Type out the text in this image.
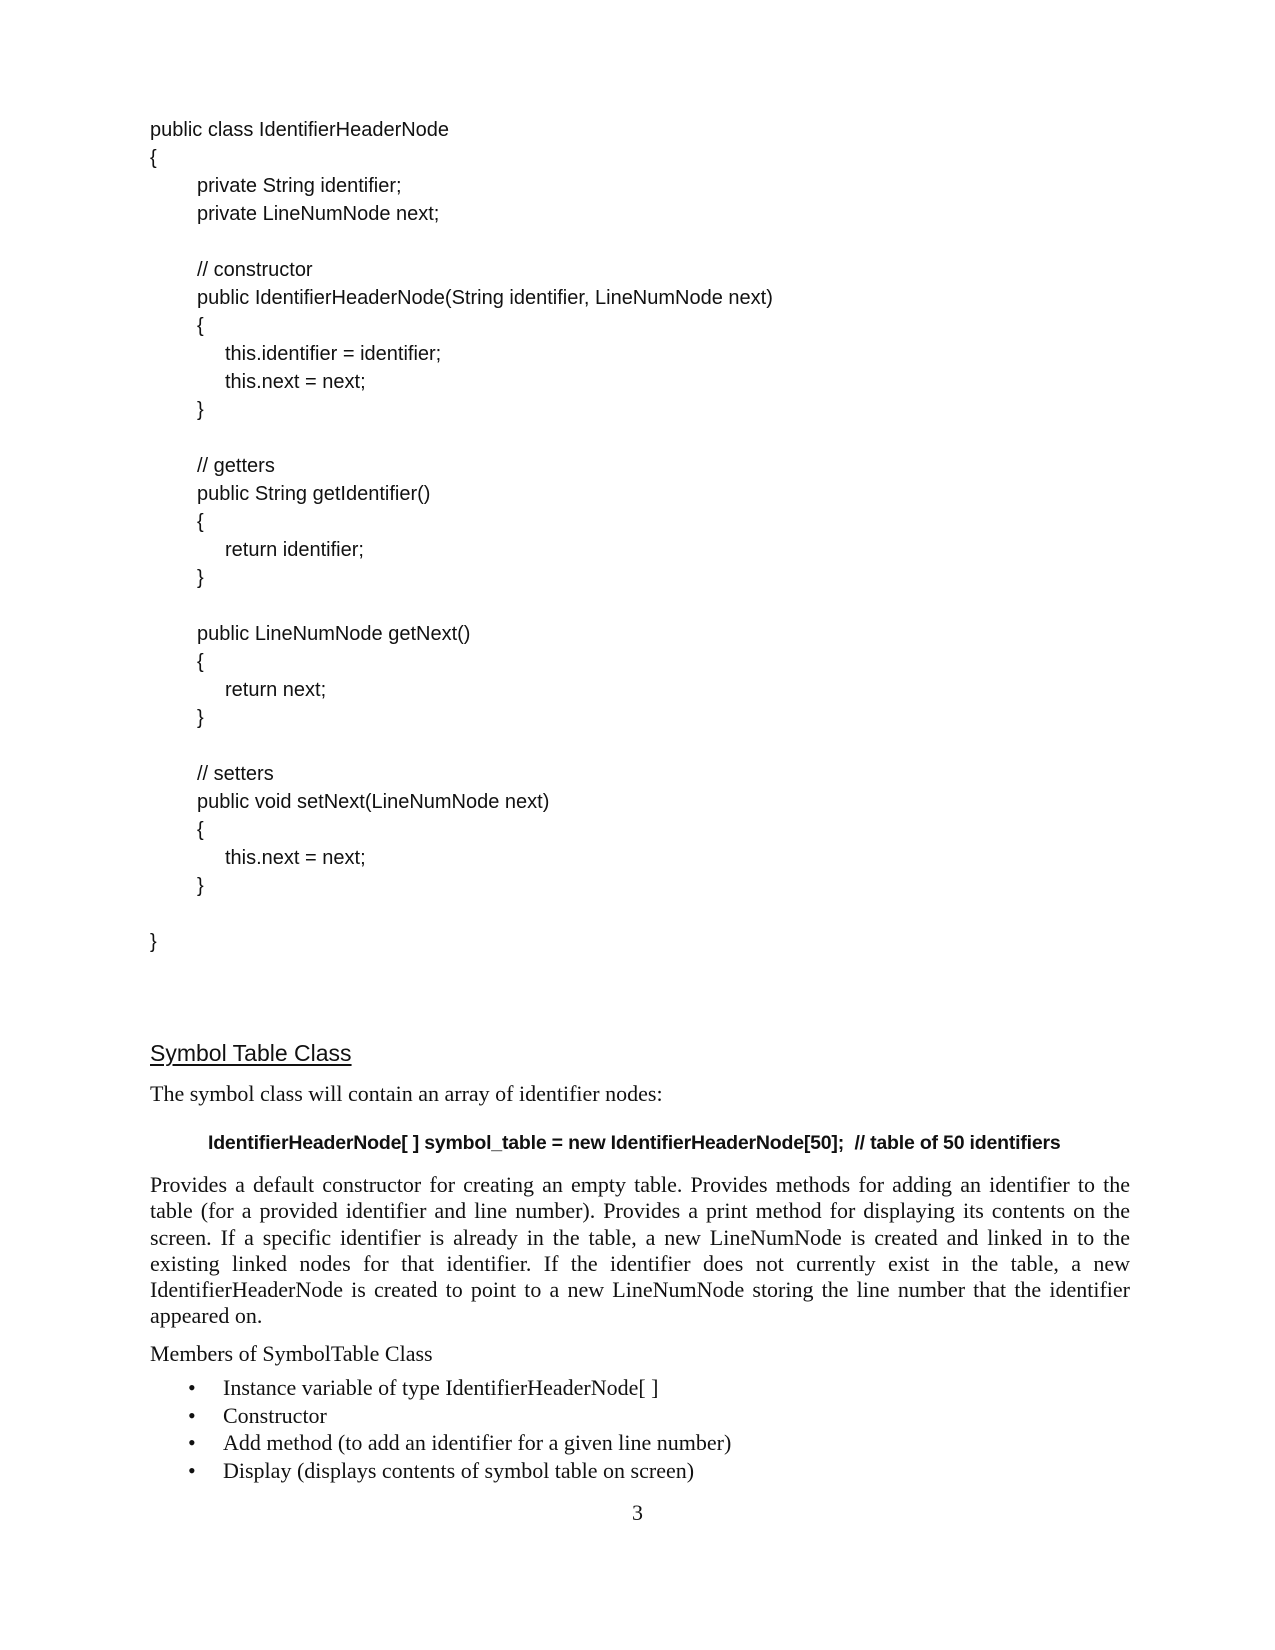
public class IdentifierHeaderNode
{
private String identifier;
private LineNumNode next;
// constructor
public IdentifierHeaderNode(String identifier, LineNumNode next)
{
this.identifier = identifier;
this.next = next;
}
// getters
public String getIdentifier()
{
return identifier;
}
public LineNumNode getNext()
{
return next;
}
// setters
public void setNext(LineNumNode next)
{
this.next = next;
}
}
Symbol Table Class
The symbol class will contain an array of identifier nodes:
IdentifierHeaderNode[ ] symbol_table = new IdentifierHeaderNode[50];  // table of 50 identifiers
Provides a default constructor for creating an empty table. Provides methods for adding an identifier to the table (for a provided identifier and line number). Provides a print method for displaying its contents on the screen. If a specific identifier is already in the table, a new LineNumNode is created and linked in to the existing linked nodes for that identifier. If the identifier does not currently exist in the table, a new IdentifierHeaderNode is created to point to a new LineNumNode storing the line number that the identifier appeared on.
Members of SymbolTable Class
• Instance variable of type IdentifierHeaderNode[ ]
• Constructor
• Add method (to add an identifier for a given line number)
• Display (displays contents of symbol table on screen)
3
